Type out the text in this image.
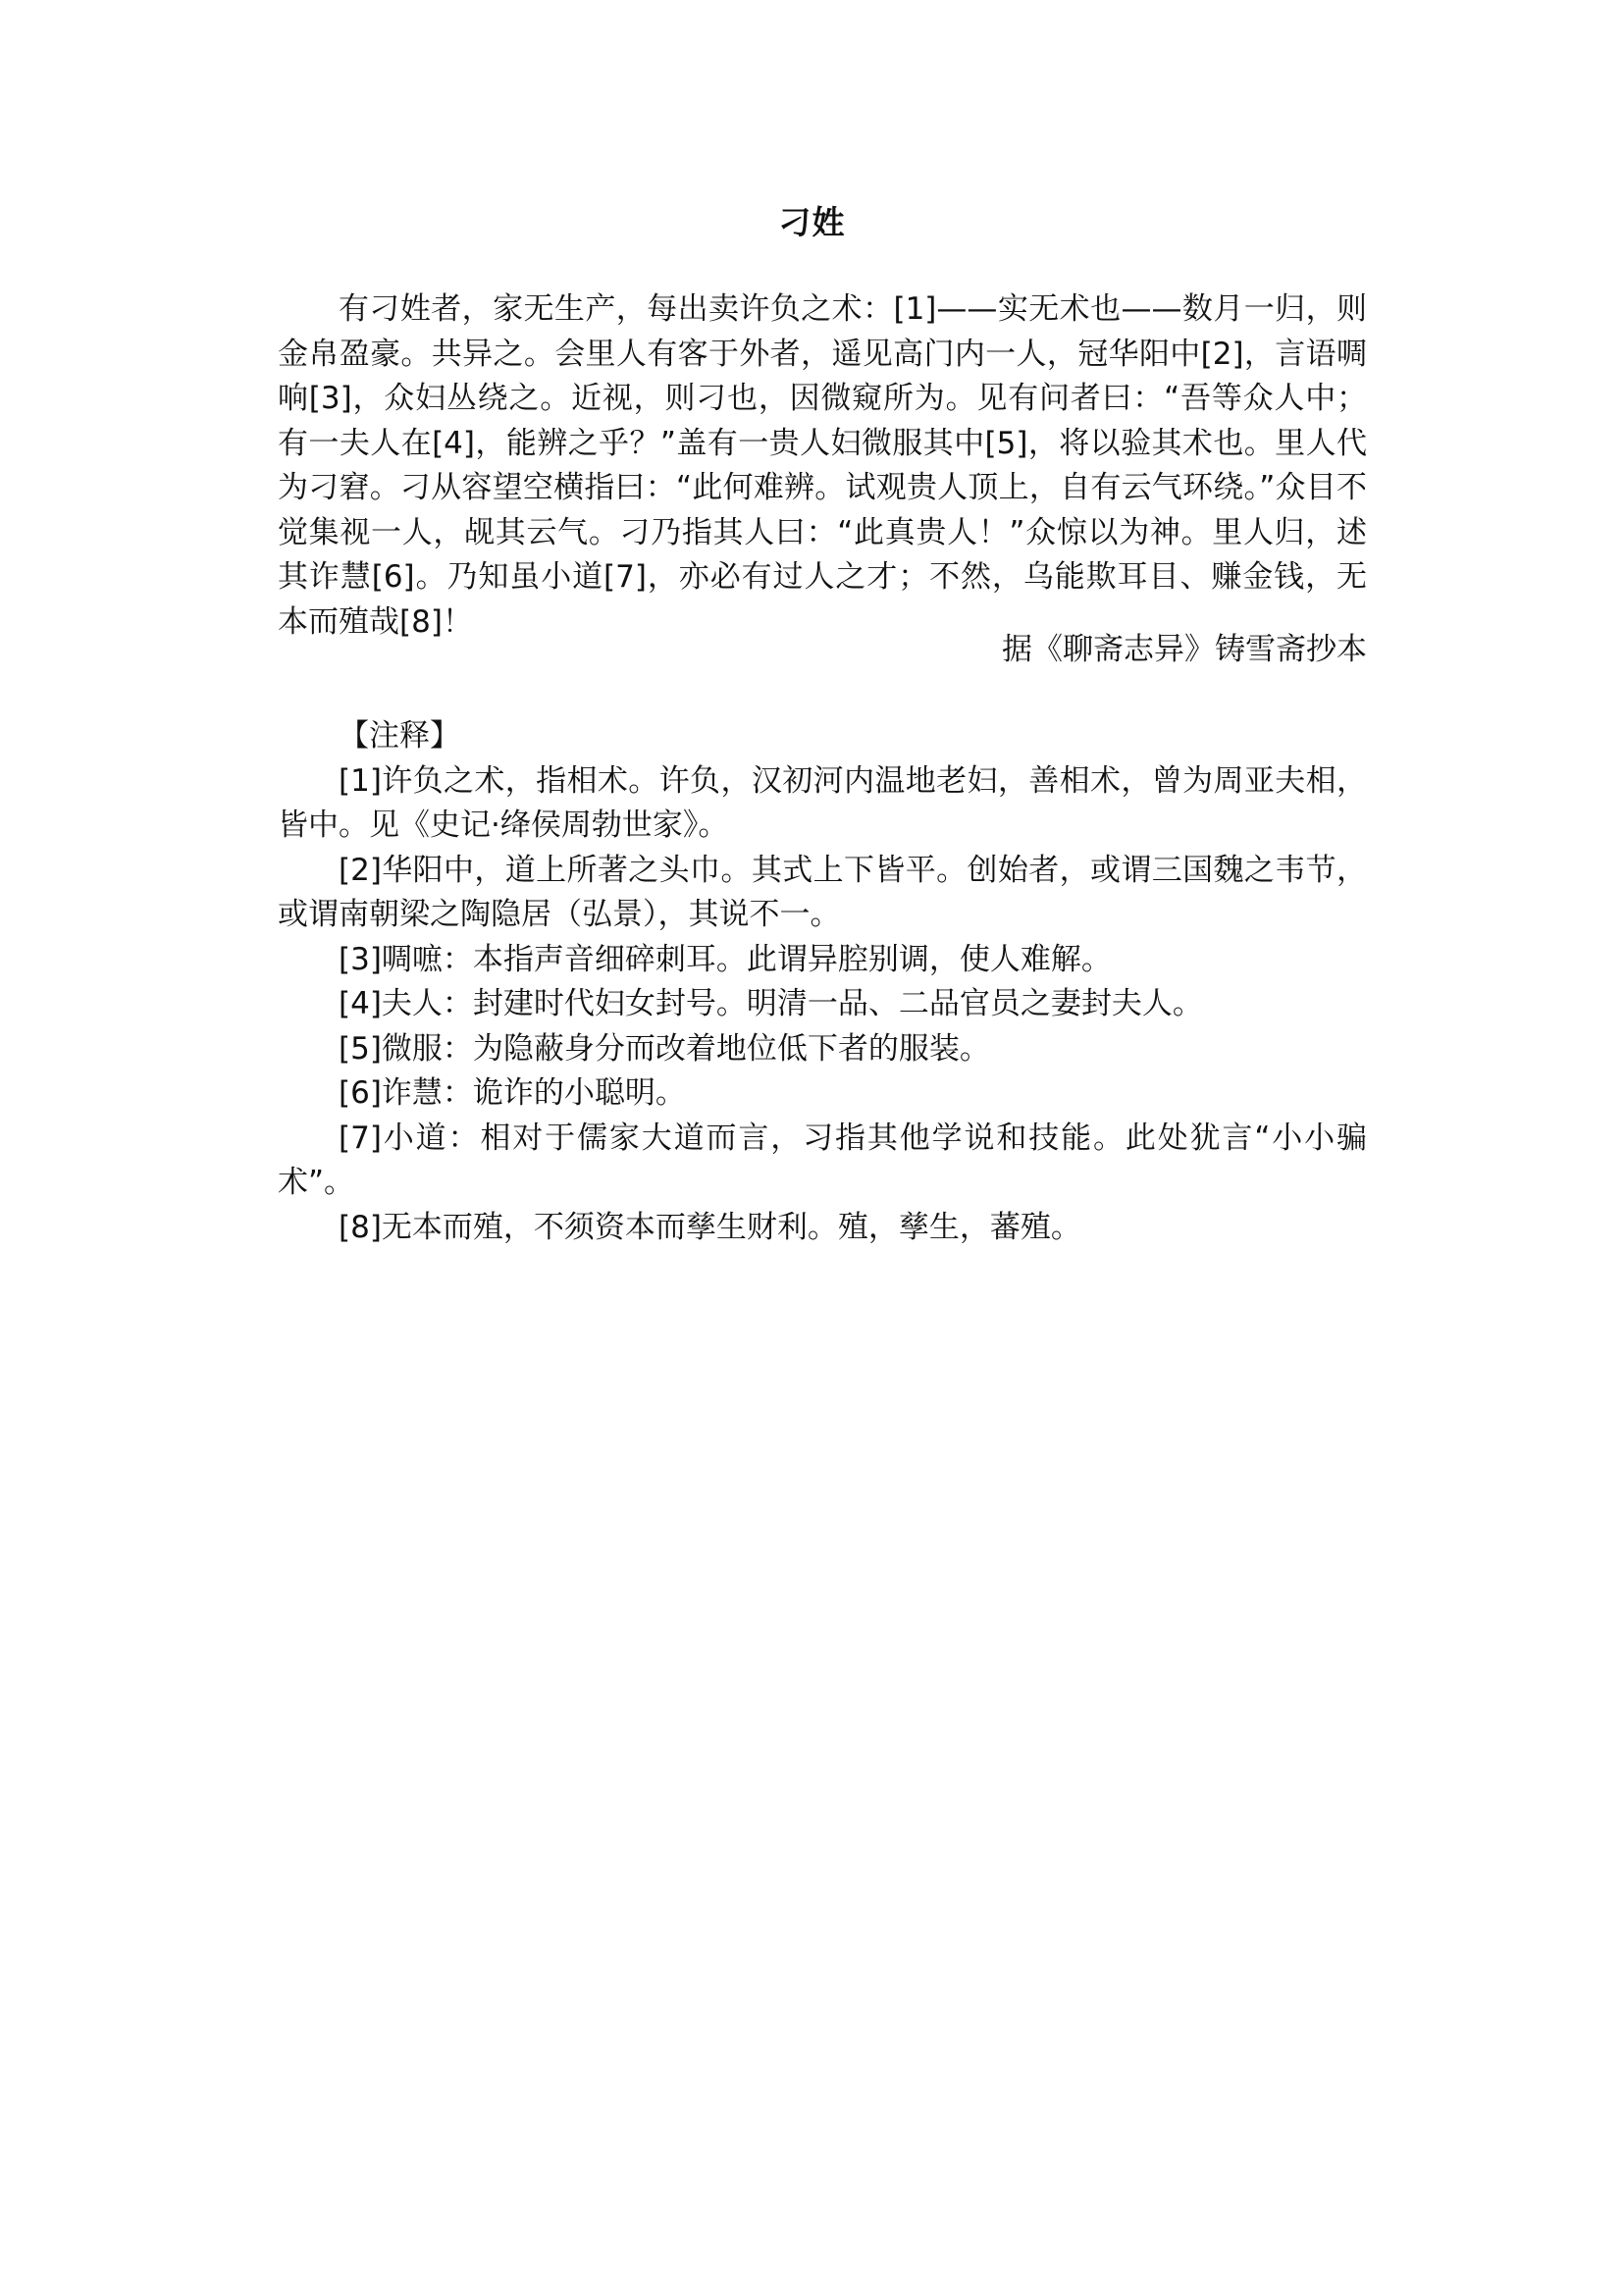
刁姓

有刁姓者，家无生产，每出卖许负之术：[1]——实无术也——数月一归，则金帛盈豪。共异之。会里人有客于外者，遥见高门内一人，冠华阳中[2]，言语啁响[3]，众妇丛绕之。近视，则刁也，因微窥所为。见有问者曰：“吾等众人中；有一夫人在[4]，能辨之乎？”盖有一贵人妇微服其中[5]，将以验其术也。里人代为刁窘。刁从容望空横指曰：“此何难辨。试观贵人顶上，自有云气环绕。”众目不觉集视一人，觇其云气。刁乃指其人曰：“此真贵人！”众惊以为神。里人归，述其诈慧[6]。乃知虽小道[7]，亦必有过人之才；不然，乌能欺耳目、赚金钱，无本而殖哉[8]！

据《聊斋志异》铸雪斋抄本

【注释】

[1]许负之术，指相术。许负，汉初河内温地老妇，善相术，曾为周亚夫相，皆中。见《史记·绛侯周勃世家》。

[2]华阳中，道上所著之头巾。其式上下皆平。创始者，或谓三国魏之韦节，或谓南朝梁之陶隐居（弘景），其说不一。

[3]啁嗻：本指声音细碎刺耳。此谓异腔别调，使人难解。

[4]夫人：封建时代妇女封号。明清一品、二品官员之妻封夫人。

[5]微服：为隐蔽身分而改着地位低下者的服装。

[6]诈慧：诡诈的小聪明。

[7]小道：相对于儒家大道而言，习指其他学说和技能。此处犹言“小小骗术”。

[8]无本而殖，不须资本而孳生财利。殖，孳生，蕃殖。
